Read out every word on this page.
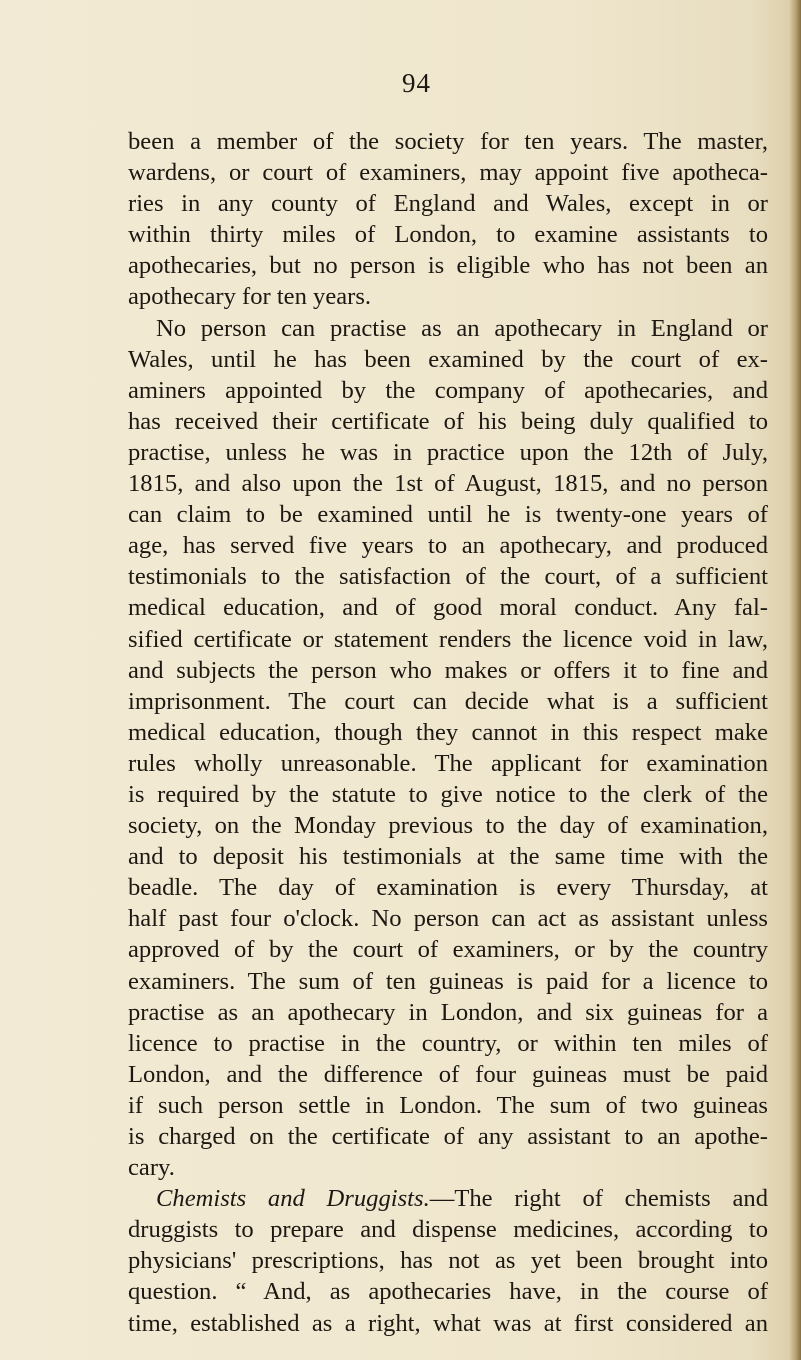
94
been a member of the society for ten years. The master,
wardens, or court of examiners, may appoint five apotheca-
ries in any county of England and Wales, except in or
within thirty miles of London, to examine assistants to
apothecaries, but no person is eligible who has not been an
apothecary for ten years.
No person can practise as an apothecary in England or
Wales, until he has been examined by the court of ex-
aminers appointed by the company of apothecaries, and
has received their certificate of his being duly qualified to
practise, unless he was in practice upon the 12th of July,
1815, and also upon the 1st of August, 1815, and no person
can claim to be examined until he is twenty-one years of
age, has served five years to an apothecary, and produced
testimonials to the satisfaction of the court, of a sufficient
medical education, and of good moral conduct. Any fal-
sified certificate or statement renders the licence void in law,
and subjects the person who makes or offers it to fine and
imprisonment. The court can decide what is a sufficient
medical education, though they cannot in this respect make
rules wholly unreasonable. The applicant for examination
is required by the statute to give notice to the clerk of the
society, on the Monday previous to the day of examination,
and to deposit his testimonials at the same time with the
beadle. The day of examination is every Thursday, at
half past four o'clock. No person can act as assistant unless
approved of by the court of examiners, or by the country
examiners. The sum of ten guineas is paid for a licence to
practise as an apothecary in London, and six guineas for a
licence to practise in the country, or within ten miles of
London, and the difference of four guineas must be paid
if such person settle in London. The sum of two guineas
is charged on the certificate of any assistant to an apothe-
cary.
Chemists and Druggists.—The right of chemists and
druggists to prepare and dispense medicines, according to
physicians' prescriptions, has not as yet been brought into
question. “ And, as apothecaries have, in the course of
time, established as a right, what was at first considered an
